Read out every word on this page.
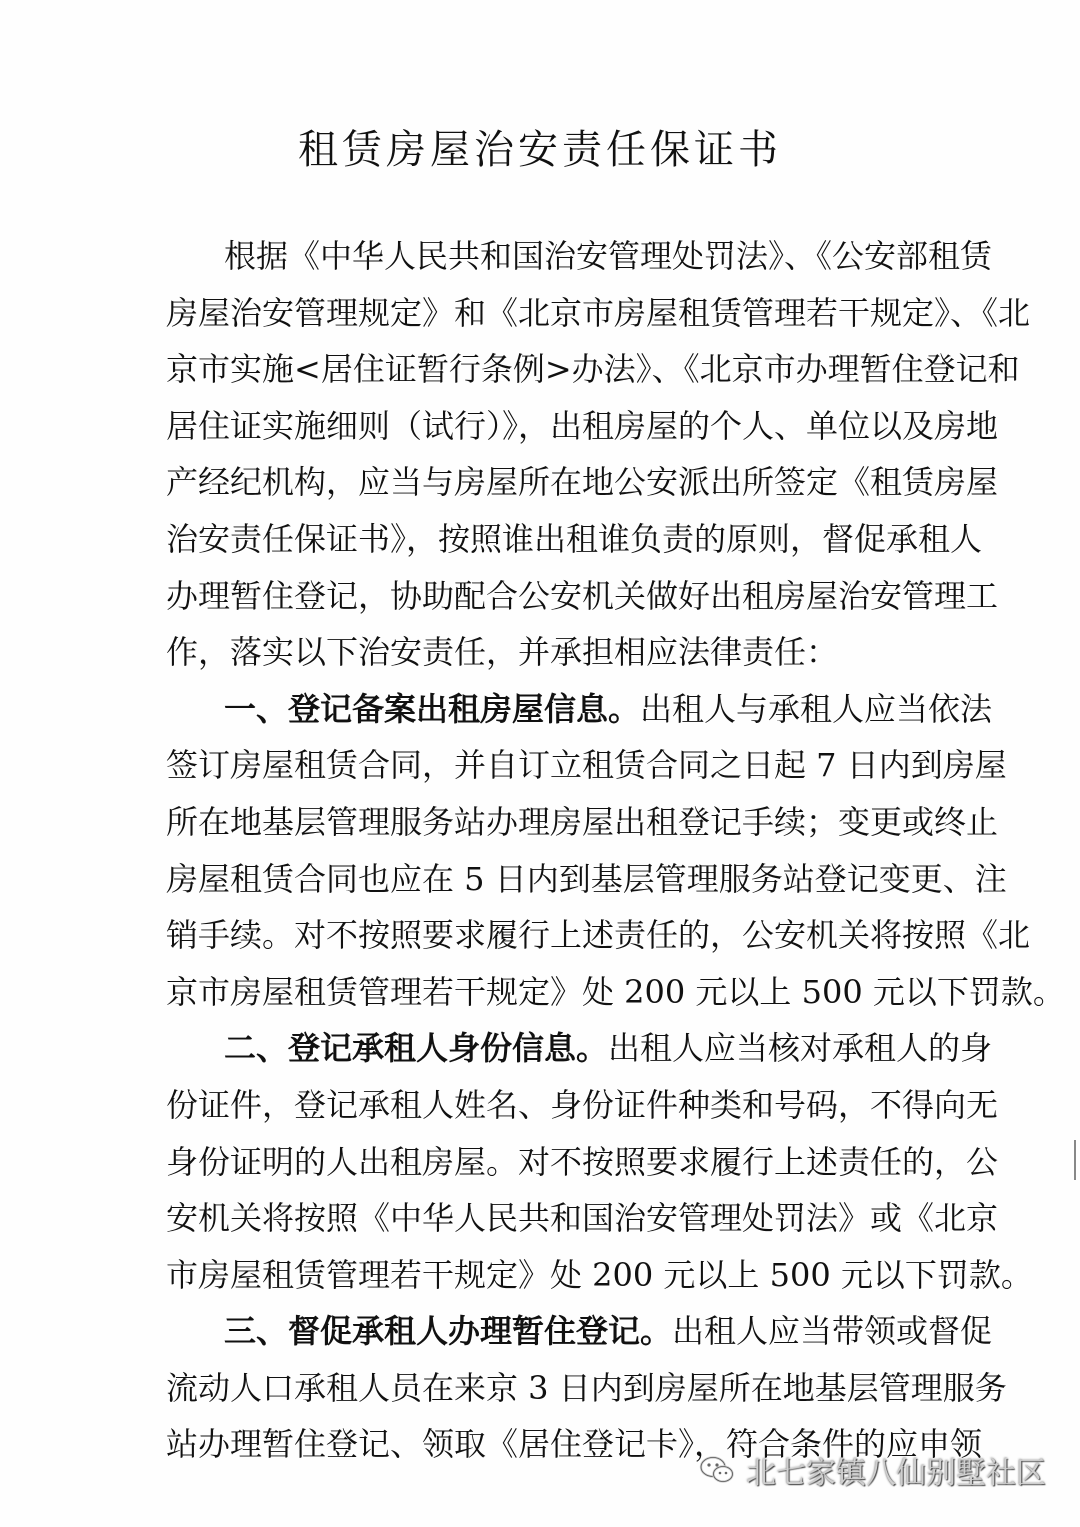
租赁房屋治安责任保证书
根据《中华人民共和国治安管理处罚法》、《公安部租赁
房屋治安管理规定》和《北京市房屋租赁管理若干规定》、《北
京市实施<居住证暂行条例>办法》、《北京市办理暂住登记和
居住证实施细则（试行）》，出租房屋的个人、单位以及房地
产经纪机构，应当与房屋所在地公安派出所签定《租赁房屋
治安责任保证书》，按照谁出租谁负责的原则，督促承租人
办理暂住登记，协助配合公安机关做好出租房屋治安管理工
作，落实以下治安责任，并承担相应法律责任：
一、登记备案出租房屋信息。出租人与承租人应当依法
签订房屋租赁合同，并自订立租赁合同之日起 7 日内到房屋
所在地基层管理服务站办理房屋出租登记手续；变更或终止
房屋租赁合同也应在 5 日内到基层管理服务站登记变更、注
销手续。对不按照要求履行上述责任的，公安机关将按照《北
京市房屋租赁管理若干规定》处 200 元以上 500 元以下罚款。
二、登记承租人身份信息。出租人应当核对承租人的身
份证件，登记承租人姓名、身份证件种类和号码，不得向无
身份证明的人出租房屋。对不按照要求履行上述责任的，公
安机关将按照《中华人民共和国治安管理处罚法》或《北京
市房屋租赁管理若干规定》处 200 元以上 500 元以下罚款。
三、督促承租人办理暂住登记。出租人应当带领或督促
流动人口承租人员在来京 3 日内到房屋所在地基层管理服务
站办理暂住登记、领取《居住登记卡》，符合条件的应申领
北七家镇八仙别墅社区
